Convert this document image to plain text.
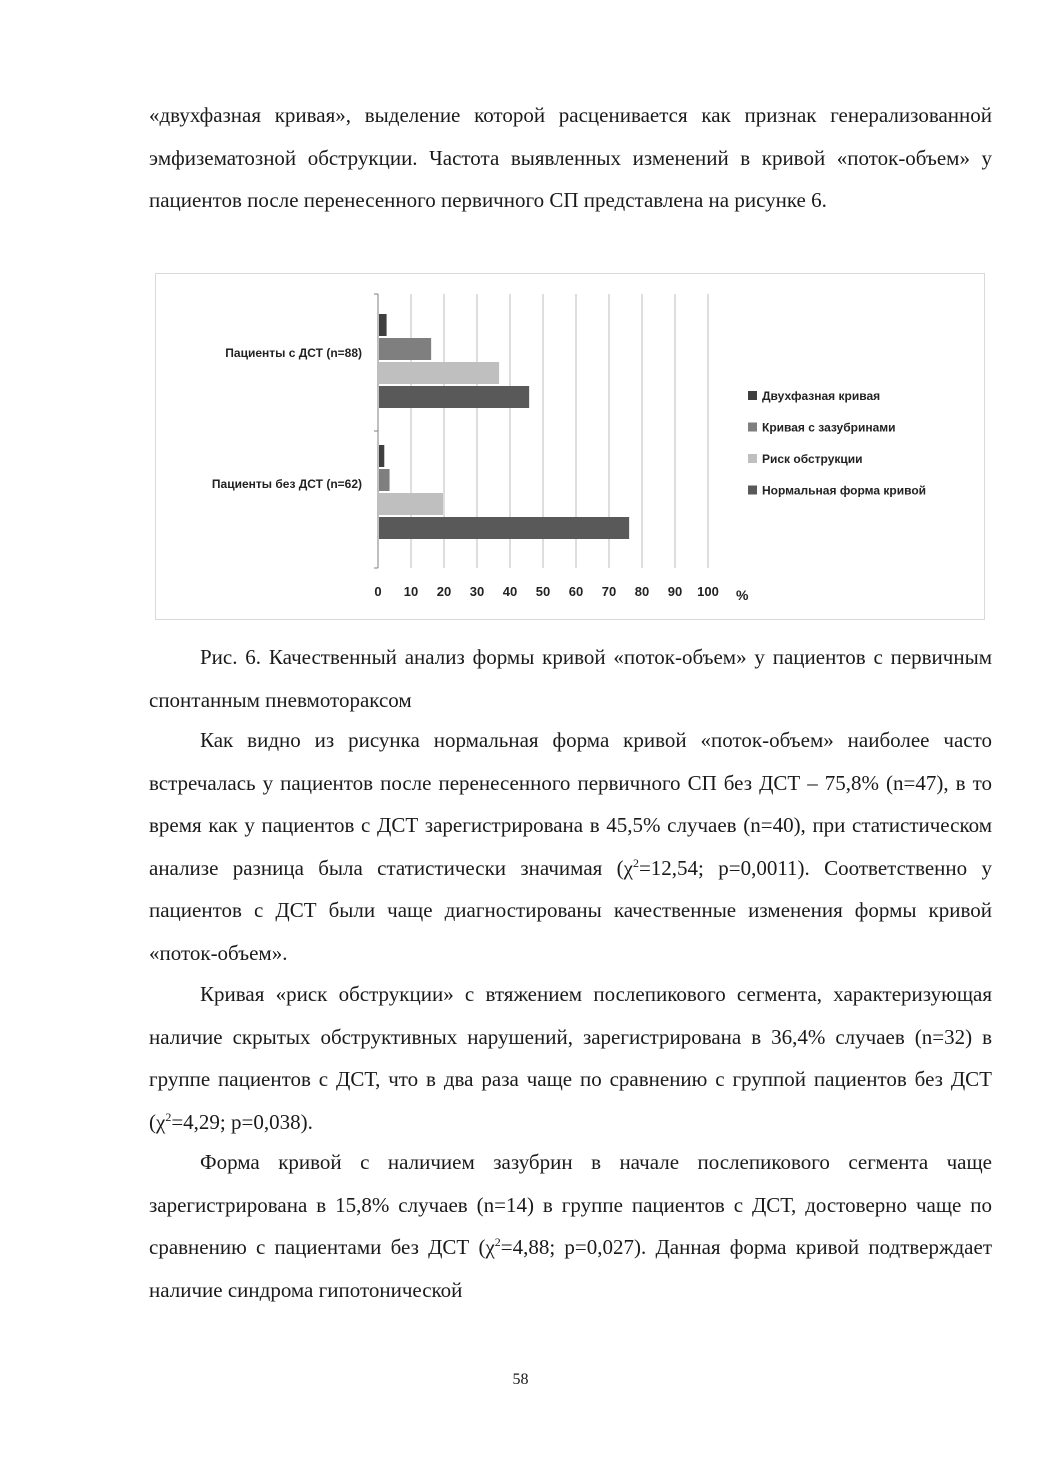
«двухфазная кривая», выделение которой расценивается как признак генерализованной эмфизематозной обструкции. Частота выявленных изменений в кривой «поток-объем» у пациентов после перенесенного первичного СП представлена на рисунке 6.

Пациенты с ДСТ (n=88)
Пациенты без ДСТ (n=62)
0 10 20 30 40 50 60 70 80 90 100 %
Двухфазная кривая
Кривая с зазубринами
Риск обструкции
Нормальная форма кривой

Рис. 6. Качественный анализ формы кривой «поток-объем» у пациентов с первичным спонтанным пневмотораксом

Как видно из рисунка нормальная форма кривой «поток-объем» наиболее часто встречалась у пациентов после перенесенного первичного СП без ДСТ – 75,8% (n=47), в то время как у пациентов с ДСТ зарегистрирована в 45,5% случаев (n=40), при статистическом анализе разница была статистически значимая ($\chi^2=12,54$; p=0,0011). Соответственно у пациентов с ДСТ были чаще диагностированы качественные изменения формы кривой «поток-объем».

Кривая «риск обструкции» с втяжением послепикового сегмента, характеризующая наличие скрытых обструктивных нарушений, зарегистрирована в 36,4% случаев (n=32) в группе пациентов с ДСТ, что в два раза чаще по сравнению с группой пациентов без ДСТ ($\chi^2=4,29$; p=0,038).

Форма кривой с наличием зазубрин в начале послепикового сегмента чаще зарегистрирована в 15,8% случаев (n=14) в группе пациентов с ДСТ, достоверно чаще по сравнению с пациентами без ДСТ ($\chi^2=4,88$; p=0,027). Данная форма кривой подтверждает наличие синдрома гипотонической

58
